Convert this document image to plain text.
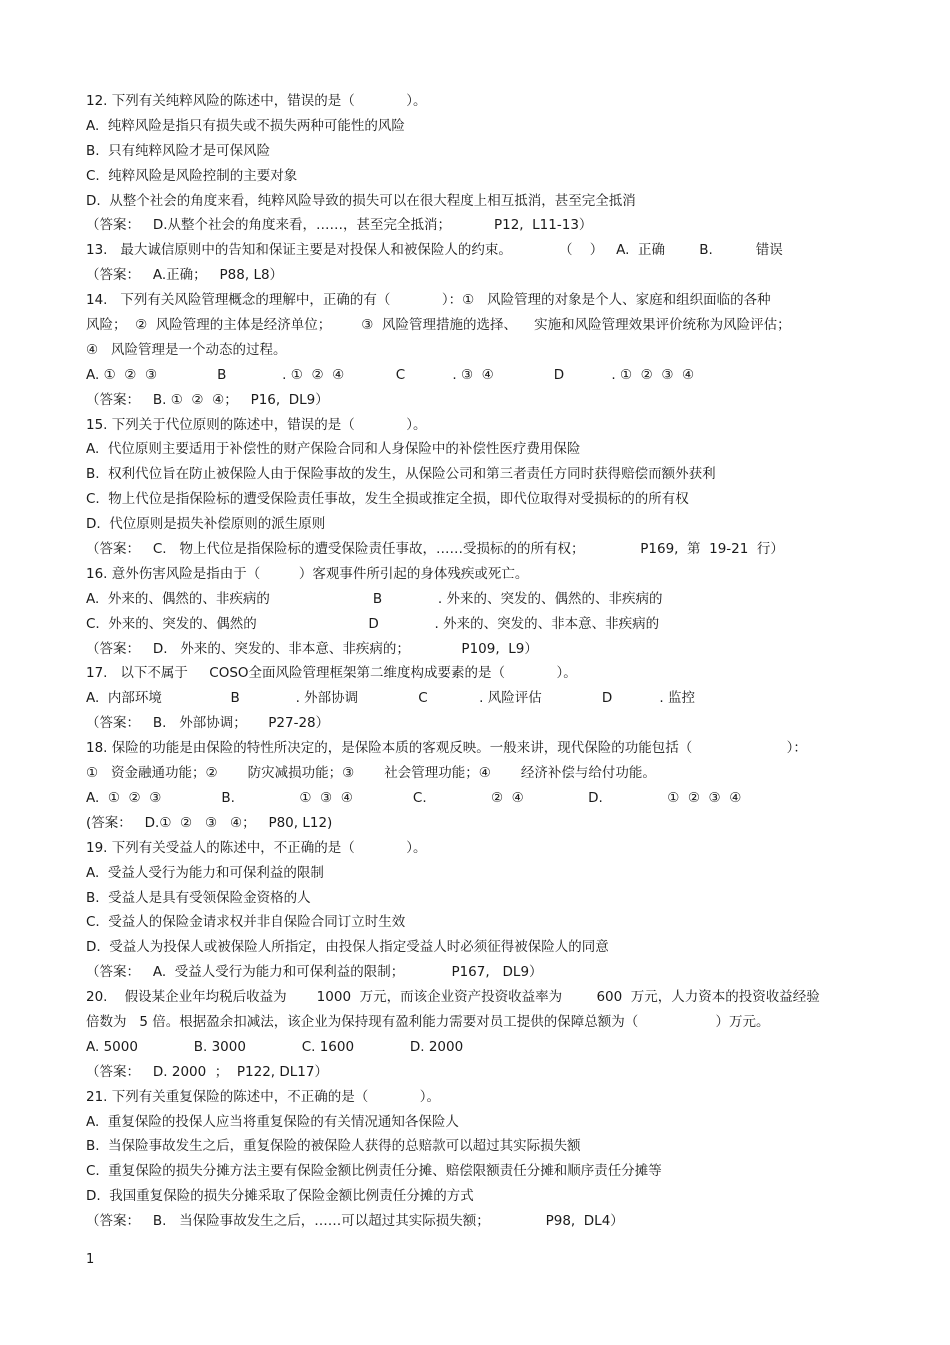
12. 下列有关纯粹风险的陈述中，错误的是（            ）。
A.  纯粹风险是指只有损失或不损失两种可能性的风险
B.  只有纯粹风险才是可保风险
C.  纯粹风险是风险控制的主要对象
D.  从整个社会的角度来看，纯粹风险导致的损失可以在很大程度上相互抵消，甚至完全抵消
（答案：   D.从整个社会的角度来看，……，甚至完全抵消；          P12,  L11-13）
13.   最大诚信原则中的告知和保证主要是对投保人和被保险人的约束。           （    ）   A.  正确        B.          错误
（答案：   A.正确；   P88, L8）
14.   下列有关风险管理概念的理解中，正确的有（            ）：①   风险管理的对象是个人、家庭和组织面临的各种
风险；  ②  风险管理的主体是经济单位；       ③  风险管理措施的选择、    实施和风险管理效果评价统称为风险评估；
④   风险管理是一个动态的过程。
A. ①  ②  ③              B             . ①  ②  ④            C           . ③  ④              D           . ①  ②  ③  ④
（答案：   B. ①  ②  ④；   P16,  DL9）
15. 下列关于代位原则的陈述中，错误的是（            ）。
A.  代位原则主要适用于补偿性的财产保险合同和人身保险中的补偿性医疗费用保险
B.  权利代位旨在防止被保险人由于保险事故的发生，从保险公司和第三者责任方同时获得赔偿而额外获利
C.  物上代位是指保险标的遭受保险责任事故，发生全损或推定全损，即代位取得对受损标的的所有权
D.  代位原则是损失补偿原则的派生原则
（答案：   C.   物上代位是指保险标的遭受保险责任事故，……受损标的的所有权；             P169,  第  19-21  行）
16. 意外伤害风险是指由于（         ）客观事件所引起的身体残疾或死亡。
A.  外来的、偶然的、非疾病的                        B             . 外来的、突发的、偶然的、非疾病的
C.  外来的、突发的、偶然的                          D             . 外来的、突发的、非本意、非疾病的
（答案：   D.   外来的、突发的、非本意、非疾病的；            P109,  L9）
17.   以下不属于     COSO全面风险管理框架第二维度构成要素的是（            ）。
A.  内部环境                B             . 外部协调              C            . 风险评估              D           . 监控
（答案：   B.   外部协调；     P27-28）
18. 保险的功能是由保险的特性所决定的，是保险本质的客观反映。一般来讲，现代保险的功能包括（                      ）：
①   资金融通功能；②       防灾减损功能；③       社会管理功能；④       经济补偿与给付功能。
A.  ①  ②  ③              B.               ①  ③  ④              C.               ②  ④               D.               ①  ②  ③  ④
(答案：   D.①  ②   ③   ④；   P80, L12)
19. 下列有关受益人的陈述中，不正确的是（            ）。
A.  受益人受行为能力和可保利益的限制
B.  受益人是具有受领保险金资格的人
C.  受益人的保险金请求权并非自保险合同订立时生效
D.  受益人为投保人或被保险人所指定，由投保人指定受益人时必须征得被保险人的同意
（答案：   A.  受益人受行为能力和可保利益的限制；           P167,   DL9）
20.    假设某企业年均税后收益为       1000  万元，而该企业资产投资收益率为        600  万元，人力资本的投资收益经验
倍数为   5 倍。根据盈余扣减法，该企业为保持现有盈利能力需要对员工提供的保障总额为（                  ）万元。
A. 5000             B. 3000             C. 1600             D. 2000
（答案：   D. 2000  ；  P122, DL17）
21. 下列有关重复保险的陈述中，不正确的是（            ）。
A.  重复保险的投保人应当将重复保险的有关情况通知各保险人
B.  当保险事故发生之后，重复保险的被保险人获得的总赔款可以超过其实际损失额
C.  重复保险的损失分摊方法主要有保险金额比例责任分摊、赔偿限额责任分摊和顺序责任分摊等
D.  我国重复保险的损失分摊采取了保险金额比例责任分摊的方式
（答案：   B.   当保险事故发生之后，……可以超过其实际损失额；             P98,  DL4）
1
